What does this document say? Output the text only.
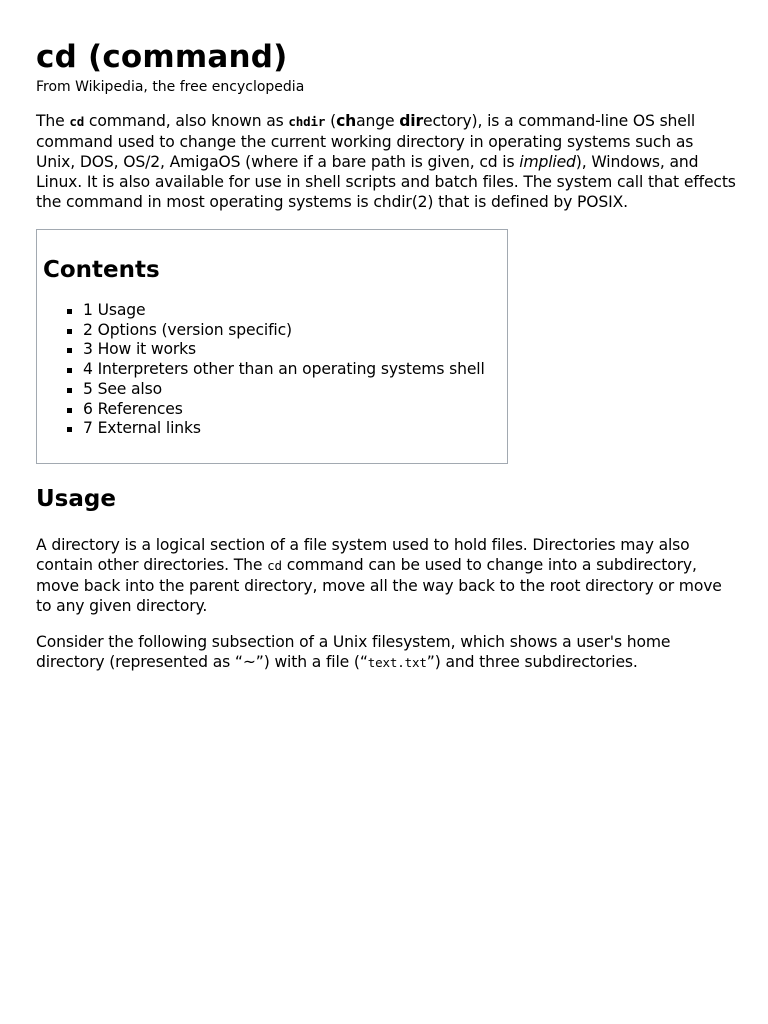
cd (command)
From Wikipedia, the free encyclopedia

The cd command, also known as chdir (change directory), is a command-line OS shell command used to change the current working directory in operating systems such as Unix, DOS, OS/2, AmigaOS (where if a bare path is given, cd is implied), Windows, and Linux. It is also available for use in shell scripts and batch files. The system call that effects the command in most operating systems is chdir(2) that is defined by POSIX.

Contents
1 Usage
2 Options (version specific)
3 How it works
4 Interpreters other than an operating systems shell
5 See also
6 References
7 External links
Usage

A directory is a logical section of a file system used to hold files. Directories may also contain other directories. The cd command can be used to change into a subdirectory, move back into the parent directory, move all the way back to the root directory or move to any given directory.

Consider the following subsection of a Unix filesystem, which shows a user's home directory (represented as “~”) with a file (“text.txt”) and three subdirectories.
